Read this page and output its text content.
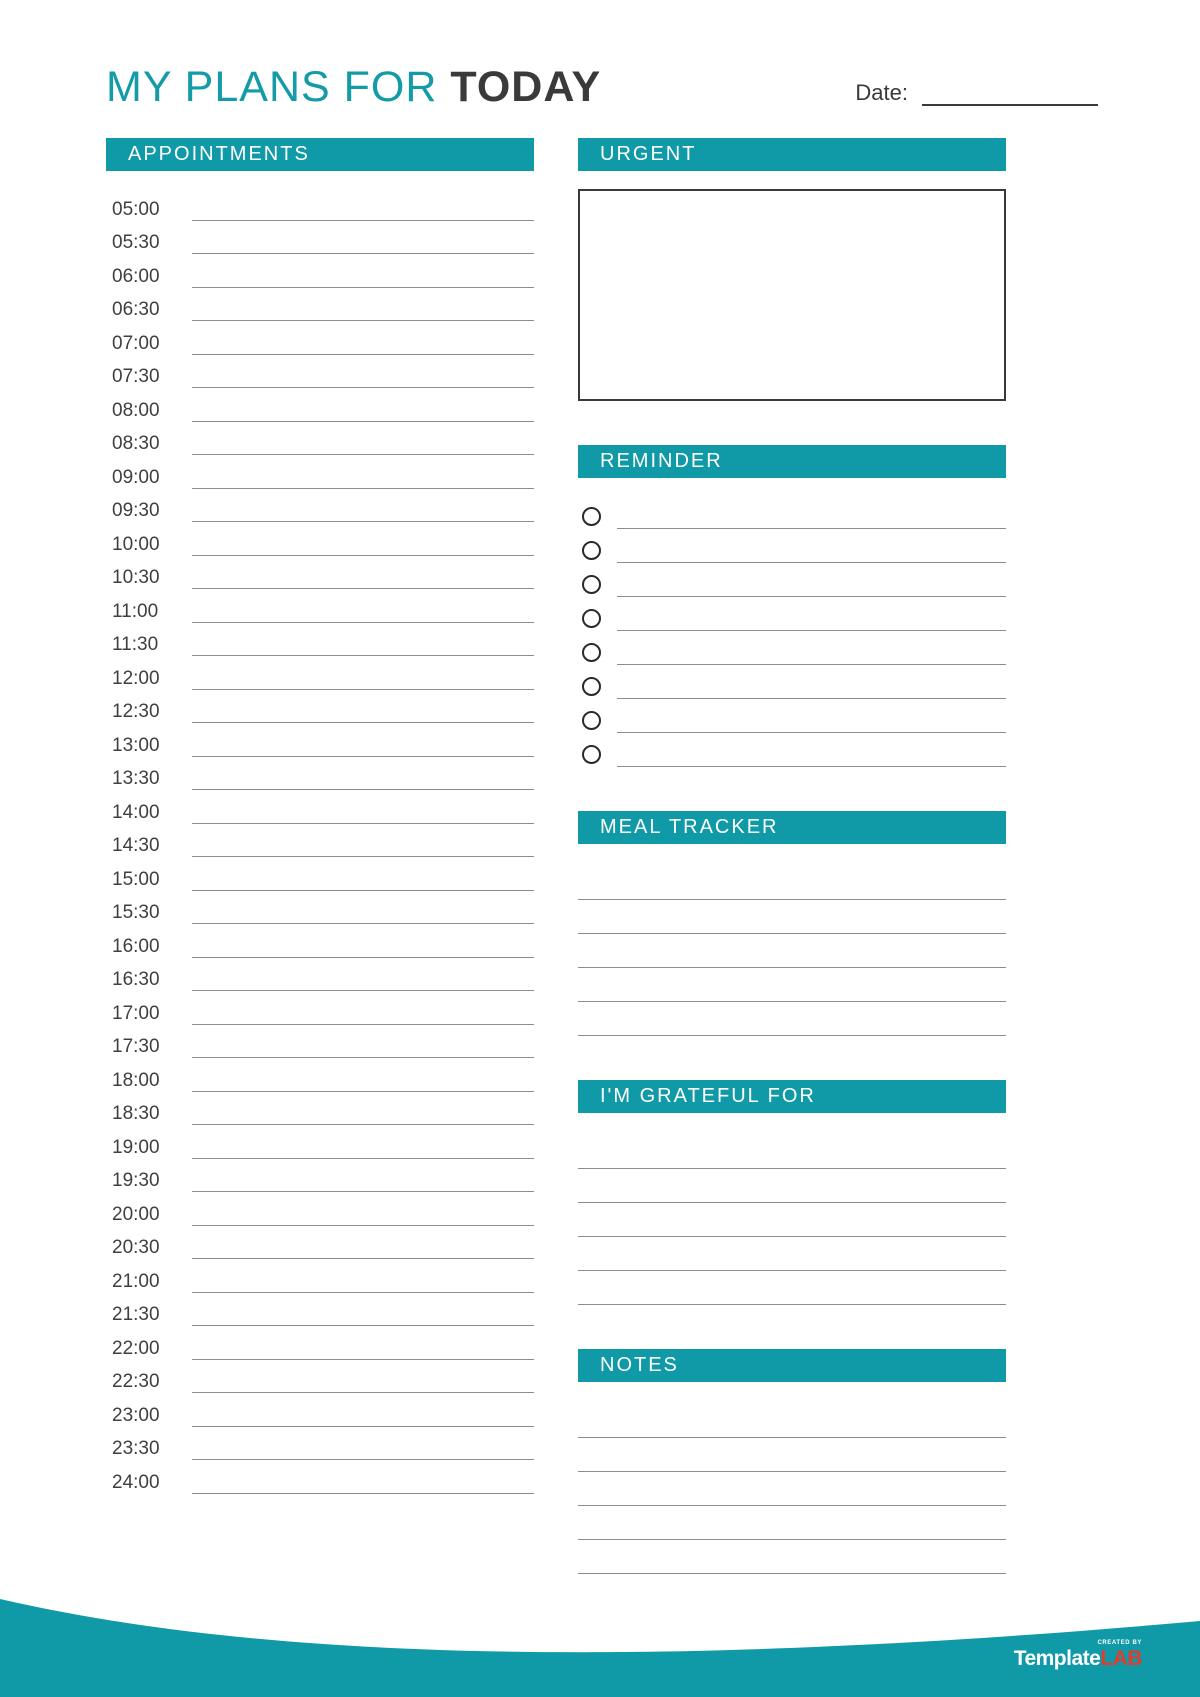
MY PLANS FOR TODAY	Date:
APPOINTMENTS
05:00
05:30
06:00
06:30
07:00
07:30
08:00
08:30
09:00
09:30
10:00
10:30
11:00
11:30
12:00
12:30
13:00
13:30
14:00
14:30
15:00
15:30
16:00
16:30
17:00
17:30
18:00
18:30
19:00
19:30
20:00
20:30
21:00
21:30
22:00
22:30
23:00
23:30
24:00
URGENT
REMINDER
MEAL TRACKER
I'M GRATEFUL FOR
NOTES
CREATED BY
TemplateLAB
